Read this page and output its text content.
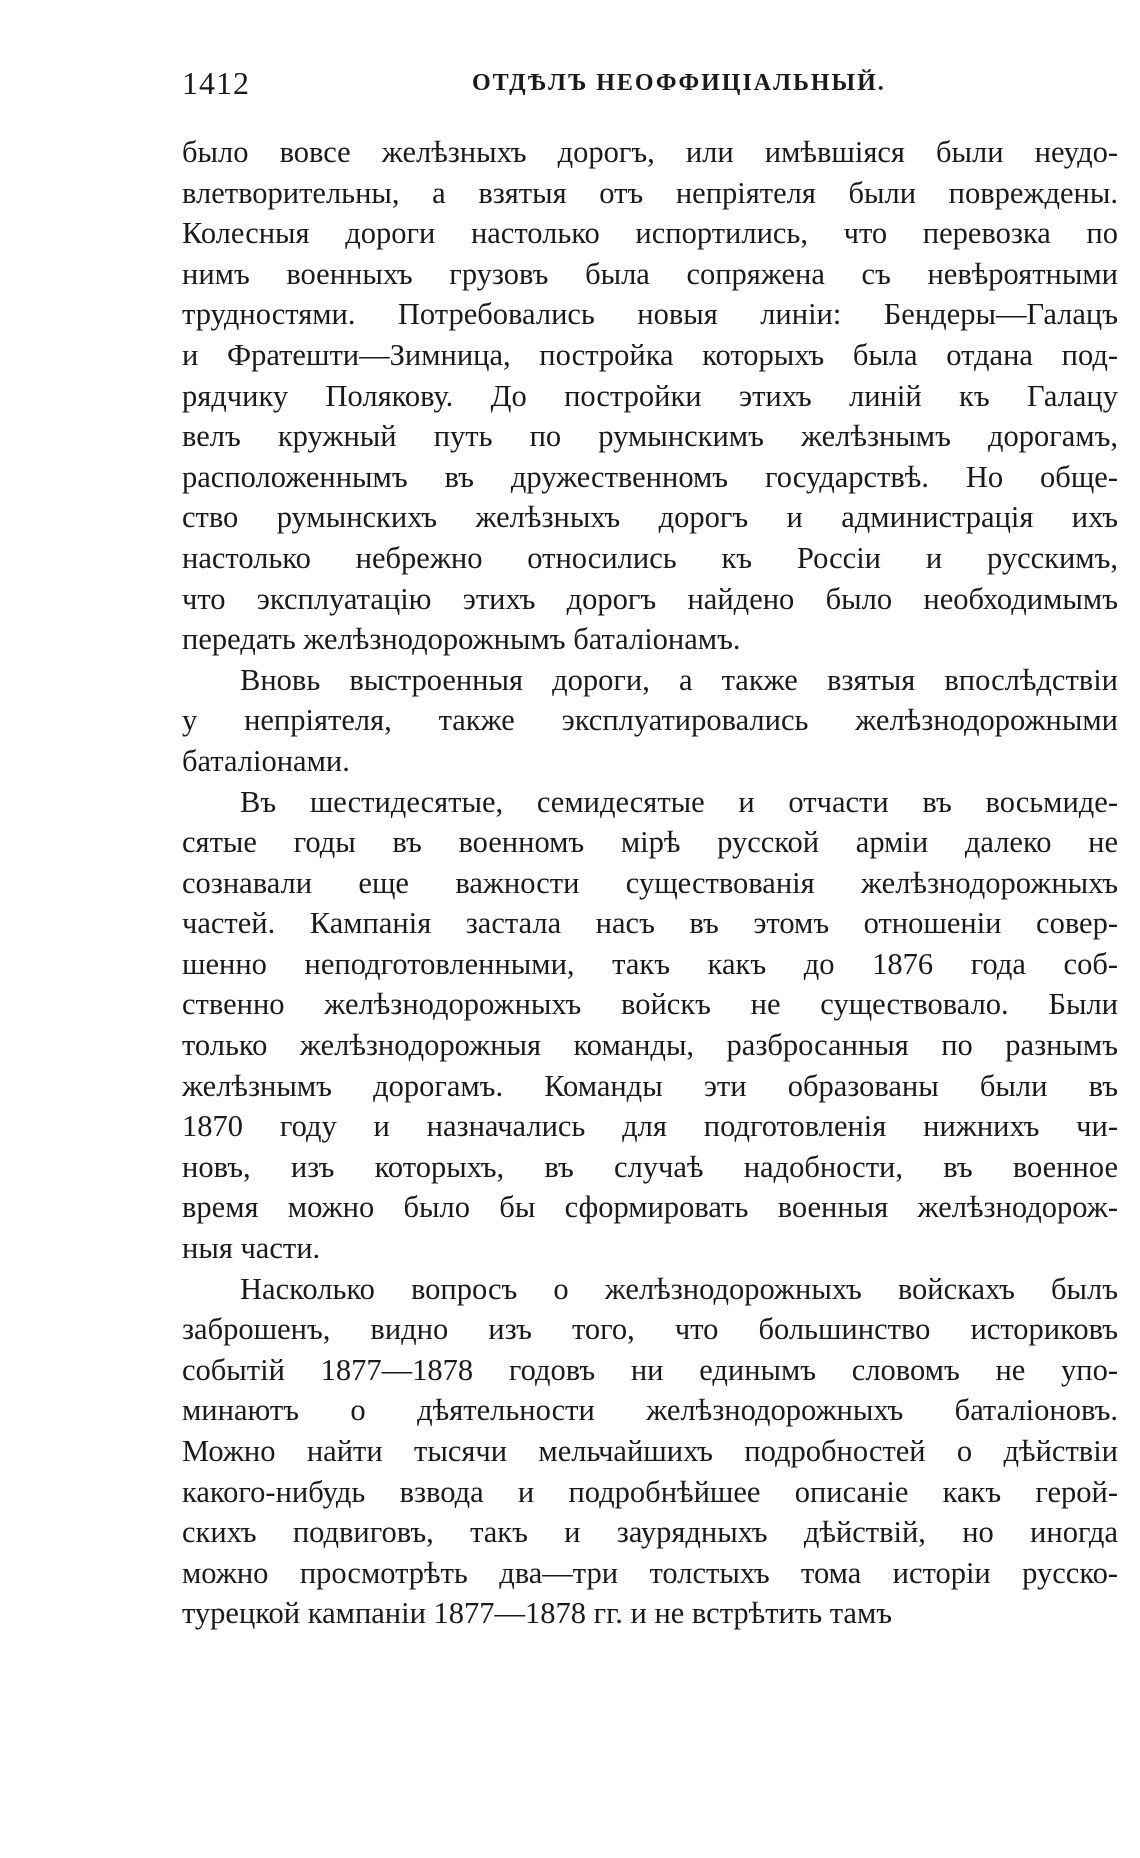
1412	ОТДѢЛЪ НЕОФФИЦІАЛЬНЫЙ.
было вовсе желѣзныхъ дорогъ, или имѣвшіяся были неудо-
влетворительны, а взятыя отъ непріятеля были повреждены.
Колесныя дороги настолько испортились, что перевозка по
нимъ военныхъ грузовъ была сопряжена съ невѣроятными
трудностями. Потребовались новыя линіи: Бендеры—Галацъ
и Фратешти—Зимница, постройка которыхъ была отдана под-
рядчику Полякову. До постройки этихъ линій къ Галацу
велъ кружный путь по румынскимъ желѣзнымъ дорогамъ,
расположеннымъ въ дружественномъ государствѣ. Но обще-
ство румынскихъ желѣзныхъ дорогъ и администрація ихъ
настолько небрежно относились къ Россіи и русскимъ,
что эксплуатацію этихъ дорогъ найдено было необходимымъ
передать желѣзнодорожнымъ баталіонамъ.
Вновь выстроенныя дороги, а также взятыя впослѣдствіи
у непріятеля, также эксплуатировались желѣзнодорожными
баталіонами.
Въ шестидесятые, семидесятые и отчасти въ восьмиде-
сятые годы въ военномъ мірѣ русской арміи далеко не
сознавали еще важности существованія желѣзнодорожныхъ
частей. Кампанія застала насъ въ этомъ отношеніи совер-
шенно неподготовленными, такъ какъ до 1876 года соб-
ственно желѣзнодорожныхъ войскъ не существовало. Были
только желѣзнодорожныя команды, разбросанныя по разнымъ
желѣзнымъ дорогамъ. Команды эти образованы были въ
1870 году и назначались для подготовленія нижнихъ чи-
новъ, изъ которыхъ, въ случаѣ надобности, въ военное
время можно было бы сформировать военныя желѣзнодорож-
ныя части.
Насколько вопросъ о желѣзнодорожныхъ войскахъ былъ
заброшенъ, видно изъ того, что большинство историковъ
событій 1877—1878 годовъ ни единымъ словомъ не упо-
минаютъ о дѣятельности желѣзнодорожныхъ баталіоновъ.
Можно найти тысячи мельчайшихъ подробностей о дѣйствіи
какого-нибудь взвода и подробнѣйшее описаніе какъ герой-
скихъ подвиговъ, такъ и заурядныхъ дѣйствій, но иногда
можно просмотрѣть два—три толстыхъ тома исторіи русско-
турецкой кампаніи 1877—1878 гг. и не встрѣтить тамъ
